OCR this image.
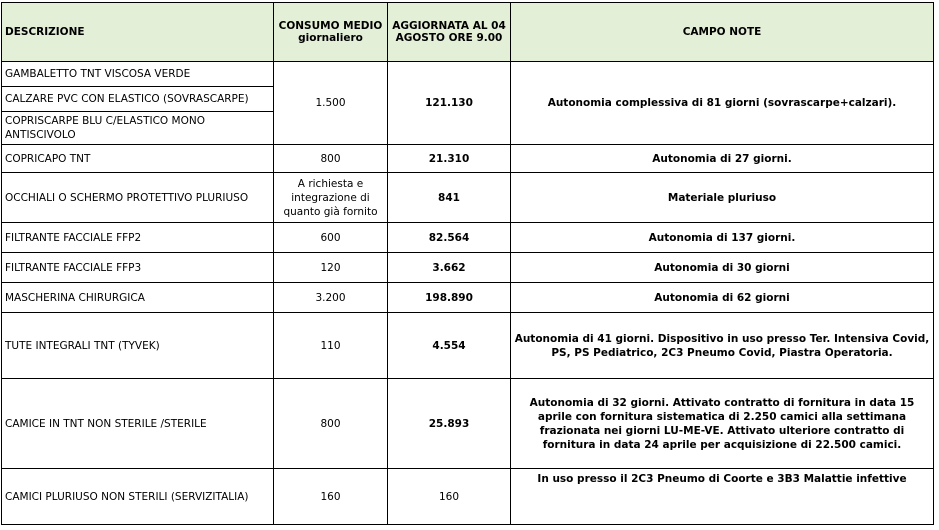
DESCRIZIONE	CONSUMO MEDIO giornaliero	AGGIORNATA AL 04 AGOSTO ORE 9.00	CAMPO NOTE
GAMBALETTO TNT VISCOSA VERDE	1.500	121.130	Autonomia complessiva di 81 giorni (sovrascarpe+calzari).
CALZARE PVC CON ELASTICO (SOVRASCARPE)			
COPRISCARPE BLU C/ELASTICO MONO ANTISCIVOLO			
COPRICAPO TNT	800	21.310	Autonomia di 27 giorni.
OCCHIALI O SCHERMO PROTETTIVO PLURIUSO	A richiesta e integrazione di quanto già fornito	841	Materiale pluriuso
FILTRANTE FACCIALE FFP2	600	82.564	Autonomia di 137 giorni.
FILTRANTE FACCIALE FFP3	120	3.662	Autonomia di 30 giorni
MASCHERINA CHIRURGICA	3.200	198.890	Autonomia di 62 giorni
TUTE INTEGRALI TNT (TYVEK)	110	4.554	Autonomia di 41 giorni. Dispositivo in uso presso Ter. Intensiva Covid, PS, PS Pediatrico, 2C3 Pneumo Covid, Piastra Operatoria.
CAMICE IN TNT NON STERILE /STERILE	800	25.893	Autonomia di 32 giorni. Attivato contratto di fornitura in data 15 aprile con fornitura sistematica di 2.250 camici alla settimana frazionata nei giorni LU-ME-VE. Attivato ulteriore contratto di fornitura in data 24 aprile per acquisizione di 22.500 camici.
CAMICI PLURIUSO NON STERILI (SERVIZITALIA)	160	160	In uso presso il 2C3 Pneumo di Coorte e 3B3 Malattie infettive
